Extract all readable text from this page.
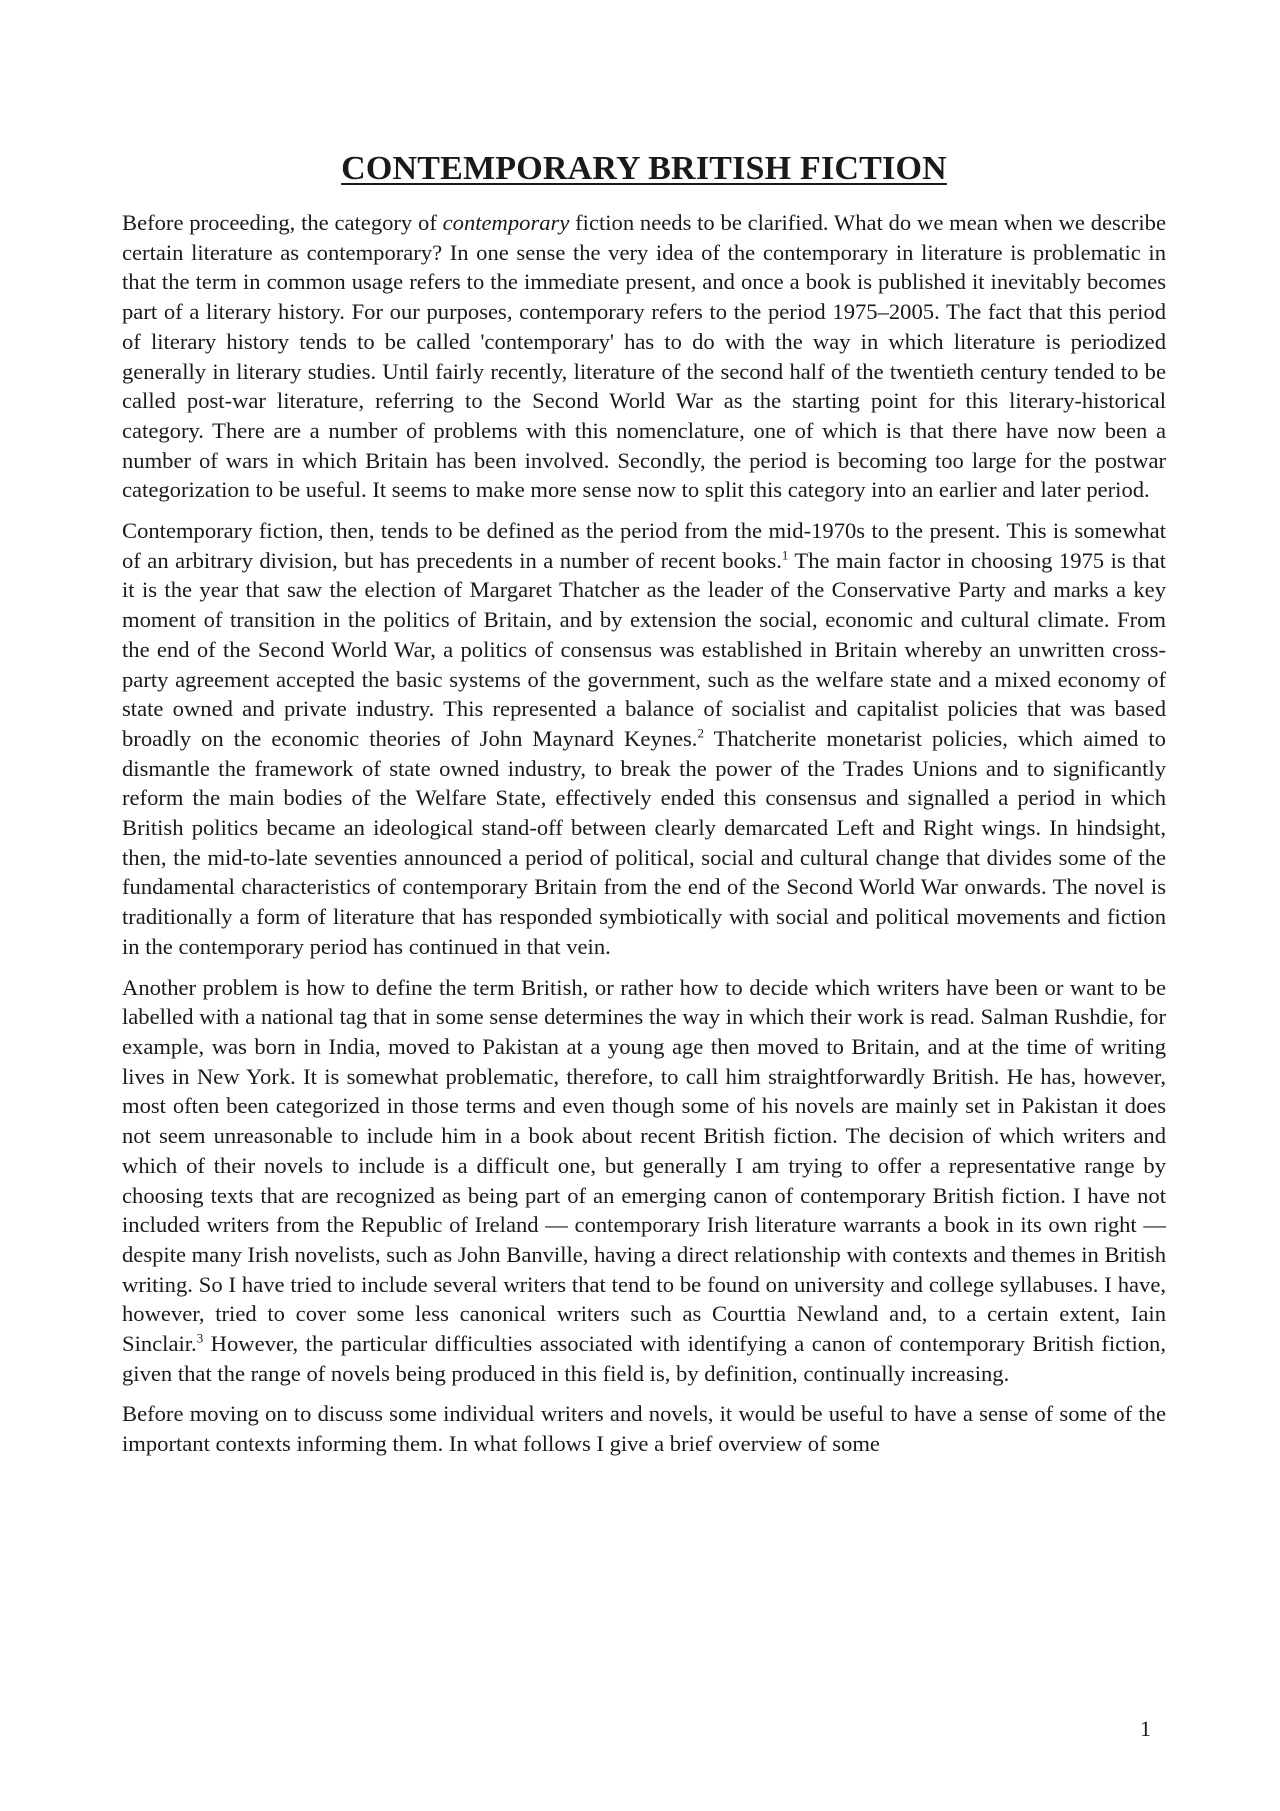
CONTEMPORARY BRITISH FICTION

Before proceeding, the category of contemporary fiction needs to be clarified. What do we mean when we describe certain literature as contemporary? In one sense the very idea of the contemporary in literature is problematic in that the term in common usage refers to the immediate present, and once a book is published it inevitably becomes part of a literary history. For our purposes, contemporary refers to the period 1975–2005. The fact that this period of literary history tends to be called 'contemporary' has to do with the way in which literature is periodized generally in literary studies. Until fairly recently, literature of the second half of the twentieth century tended to be called post-war literature, referring to the Second World War as the starting point for this literary-historical category. There are a number of problems with this nomenclature, one of which is that there have now been a number of wars in which Britain has been involved. Secondly, the period is becoming too large for the postwar categorization to be useful. It seems to make more sense now to split this category into an earlier and later period.

Contemporary fiction, then, tends to be defined as the period from the mid-1970s to the present. This is somewhat of an arbitrary division, but has precedents in a number of recent books.$^1$ The main factor in choosing 1975 is that it is the year that saw the election of Margaret Thatcher as the leader of the Conservative Party and marks a key moment of transition in the politics of Britain, and by extension the social, economic and cultural climate. From the end of the Second World War, a politics of consensus was established in Britain whereby an unwritten cross-party agreement accepted the basic systems of the government, such as the welfare state and a mixed economy of state owned and private industry. This represented a balance of socialist and capitalist policies that was based broadly on the economic theories of John Maynard Keynes.$^2$ Thatcherite monetarist policies, which aimed to dismantle the framework of state owned industry, to break the power of the Trades Unions and to significantly reform the main bodies of the Welfare State, effectively ended this consensus and signalled a period in which British politics became an ideological stand-off between clearly demarcated Left and Right wings. In hindsight, then, the mid-to-late seventies announced a period of political, social and cultural change that divides some of the fundamental characteristics of contemporary Britain from the end of the Second World War onwards. The novel is traditionally a form of literature that has responded symbiotically with social and political movements and fiction in the contemporary period has continued in that vein.

Another problem is how to define the term British, or rather how to decide which writers have been or want to be labelled with a national tag that in some sense determines the way in which their work is read. Salman Rushdie, for example, was born in India, moved to Pakistan at a young age then moved to Britain, and at the time of writing lives in New York. It is somewhat problematic, therefore, to call him straightforwardly British. He has, however, most often been categorized in those terms and even though some of his novels are mainly set in Pakistan it does not seem unreasonable to include him in a book about recent British fiction. The decision of which writers and which of their novels to include is a difficult one, but generally I am trying to offer a representative range by choosing texts that are recognized as being part of an emerging canon of contemporary British fiction. I have not included writers from the Republic of Ireland — contemporary Irish literature warrants a book in its own right — despite many Irish novelists, such as John Banville, having a direct relationship with contexts and themes in British writing. So I have tried to include several writers that tend to be found on university and college syllabuses. I have, however, tried to cover some less canonical writers such as Courttia Newland and, to a certain extent, Iain Sinclair.$^3$ However, the particular difficulties associated with identifying a canon of contemporary British fiction, given that the range of novels being produced in this field is, by definition, continually increasing.

Before moving on to discuss some individual writers and novels, it would be useful to have a sense of some of the important contexts informing them. In what follows I give a brief overview of some

1
